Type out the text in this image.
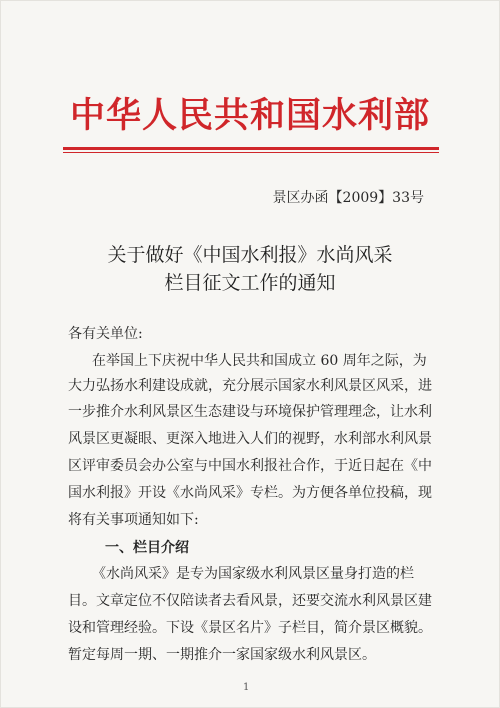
中华人民共和国水利部
景区办函【2009】33号
关于做好《中国水利报》水尚风采
栏目征文工作的通知
各有关单位:
在举国上下庆祝中华人民共和国成立 60 周年之际，为
大力弘扬水利建设成就，充分展示国家水利风景区风采，进
一步推介水利风景区生态建设与环境保护管理理念，让水利
风景区更凝眼、更深入地进入人们的视野，水利部水利风景
区评审委员会办公室与中国水利报社合作，于近日起在《中
国水利报》开设《水尚风采》专栏。为方便各单位投稿，现
将有关事项通知如下:
一、栏目介绍
《水尚风采》是专为国家级水利风景区量身打造的栏
目。文章定位不仅陪读者去看风景，还要交流水利风景区建
设和管理经验。下设《景区名片》子栏目，简介景区概貌。
暂定每周一期、一期推介一家国家级水利风景区。
1
